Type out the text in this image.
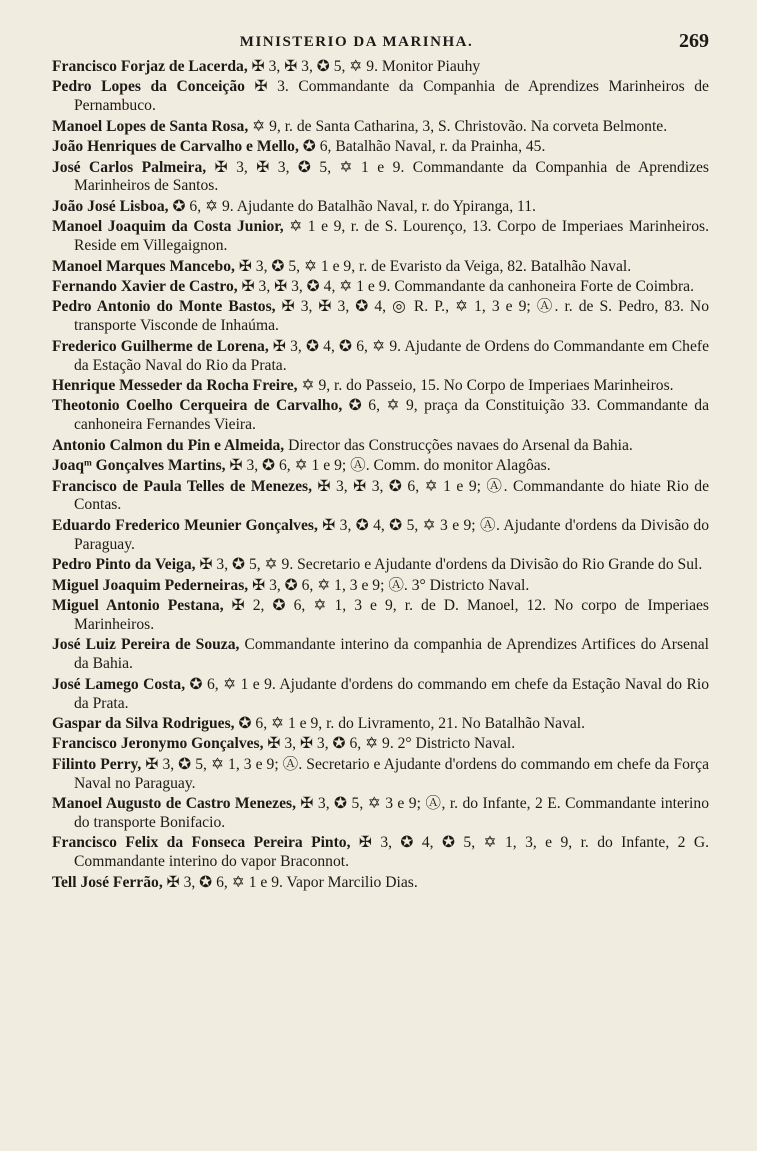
MINISTERIO DA MARINHA.	269

Francisco Forjaz de Lacerda, ✠ 3, ✠ 3, ✪ 5, ✡ 9. Monitor Piauhy

Pedro Lopes da Conceição ✠ 3. Commandante da Companhia de Aprendizes Marinheiros de Pernambuco.

Manoel Lopes de Santa Rosa, ✡ 9, r. de Santa Catharina, 3, S. Christovão. Na corveta Belmonte.

João Henriques de Carvalho e Mello, ✪ 6, Batalhão Naval, r. da Prainha, 45.

José Carlos Palmeira, ✠ 3, ✠ 3, ✪ 5, ✡ 1 e 9. Commandante da Companhia de Aprendizes Marinheiros de Santos.

João José Lisboa, ✪ 6, ✡ 9. Ajudante do Batalhão Naval, r. do Ypiranga, 11.

Manoel Joaquim da Costa Junior, ✡ 1 e 9, r. de S. Lourenço, 13. Corpo de Imperiaes Marinheiros. Reside em Villegaignon.

Manoel Marques Mancebo, ✠ 3, ✪ 5, ✡ 1 e 9, r. de Evaristo da Veiga, 82. Batalhão Naval.

Fernando Xavier de Castro, ✠ 3, ✠ 3, ✪ 4, ✡ 1 e 9. Commandante da canhoneira Forte de Coimbra.

Pedro Antonio do Monte Bastos, ✠ 3, ✠ 3, ✪ 4, ◎ R. P., ✡ 1, 3 e 9; Ⓐ. r. de S. Pedro, 83. No transporte Visconde de Inhaúma.

Frederico Guilherme de Lorena, ✠ 3, ✪ 4, ✪ 6, ✡ 9. Ajudante de Ordens do Commandante em Chefe da Estação Naval do Rio da Prata.

Henrique Messeder da Rocha Freire, ✡ 9, r. do Passeio, 15. No Corpo de Imperiaes Marinheiros.

Theotonio Coelho Cerqueira de Carvalho, ✪ 6, ✡ 9, praça da Constituição 33. Commandante da canhoneira Fernandes Vieira.

Antonio Calmon du Pin e Almeida, Director das Construcções navaes do Arsenal da Bahia.

Joaqᵐ Gonçalves Martins, ✠ 3, ✪ 6, ✡ 1 e 9; Ⓐ. Comm. do monitor Alagôas.

Francisco de Paula Telles de Menezes, ✠ 3, ✠ 3, ✪ 6, ✡ 1 e 9; Ⓐ. Commandante do hiate Rio de Contas.

Eduardo Frederico Meunier Gonçalves, ✠ 3, ✪ 4, ✪ 5, ✡ 3 e 9; Ⓐ. Ajudante d'ordens da Divisão do Paraguay.

Pedro Pinto da Veiga, ✠ 3, ✪ 5, ✡ 9. Secretario e Ajudante d'ordens da Divisão do Rio Grande do Sul.

Miguel Joaquim Pederneiras, ✠ 3, ✪ 6, ✡ 1, 3 e 9; Ⓐ. 3° Districto Naval.

Miguel Antonio Pestana, ✠ 2, ✪ 6, ✡ 1, 3 e 9, r. de D. Manoel, 12. No corpo de Imperiaes Marinheiros.

José Luiz Pereira de Souza, Commandante interino da companhia de Aprendizes Artifices do Arsenal da Bahia.

José Lamego Costa, ✪ 6, ✡ 1 e 9. Ajudante d'ordens do commando em chefe da Estação Naval do Rio da Prata.

Gaspar da Silva Rodrigues, ✪ 6, ✡ 1 e 9, r. do Livramento, 21. No Batalhão Naval.

Francisco Jeronymo Gonçalves, ✠ 3, ✠ 3, ✪ 6, ✡ 9. 2° Districto Naval.

Filinto Perry, ✠ 3, ✪ 5, ✡ 1, 3 e 9; Ⓐ. Secretario e Ajudante d'ordens do commando em chefe da Força Naval no Paraguay.

Manoel Augusto de Castro Menezes, ✠ 3, ✪ 5, ✡ 3 e 9; Ⓐ, r. do Infante, 2 E. Commandante interino do transporte Bonifacio.

Francisco Felix da Fonseca Pereira Pinto, ✠ 3, ✪ 4, ✪ 5, ✡ 1, 3, e 9, r. do Infante, 2 G. Commandante interino do vapor Braconnot.

Tell José Ferrão, ✠ 3, ✪ 6, ✡ 1 e 9. Vapor Marcilio Dias.
